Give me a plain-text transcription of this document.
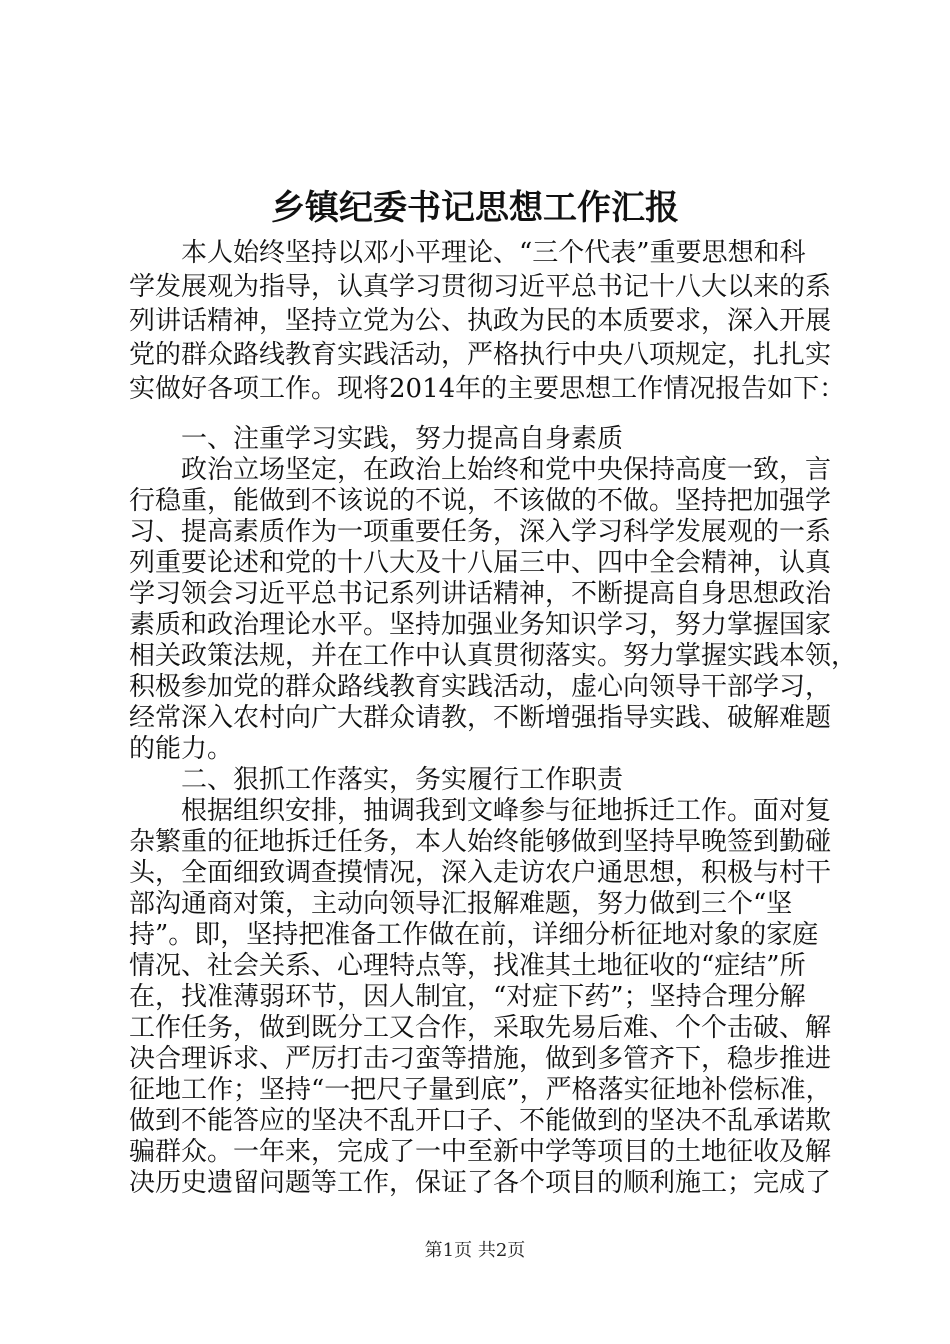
乡镇纪委书记思想工作汇报
　　本人始终坚持以邓小平理论、“三个代表”重要思想和科
学发展观为指导，认真学习贯彻习近平总书记十八大以来的系
列讲话精神，坚持立党为公、执政为民的本质要求，深入开展
党的群众路线教育实践活动，严格执行中央八项规定，扎扎实
实做好各项工作。现将2014年的主要思想工作情况报告如下：
　　一、注重学习实践，努力提高自身素质
　　政治立场坚定，在政治上始终和党中央保持高度一致，言
行稳重，能做到不该说的不说，不该做的不做。坚持把加强学
习、提高素质作为一项重要任务，深入学习科学发展观的一系
列重要论述和党的十八大及十八届三中、四中全会精神，认真
学习领会习近平总书记系列讲话精神，不断提高自身思想政治
素质和政治理论水平。坚持加强业务知识学习，努力掌握国家
相关政策法规，并在工作中认真贯彻落实。努力掌握实践本领，
积极参加党的群众路线教育实践活动，虚心向领导干部学习，
经常深入农村向广大群众请教，不断增强指导实践、破解难题
的能力。
　　二、狠抓工作落实，务实履行工作职责
　　根据组织安排，抽调我到文峰参与征地拆迁工作。面对复
杂繁重的征地拆迁任务，本人始终能够做到坚持早晚签到勤碰
头，全面细致调查摸情况，深入走访农户通思想，积极与村干
部沟通商对策，主动向领导汇报解难题，努力做到三个“坚
持”。即，坚持把准备工作做在前，详细分析征地对象的家庭
情况、社会关系、心理特点等，找准其土地征收的“症结”所
在，找准薄弱环节，因人制宜，“对症下药”；坚持合理分解
工作任务，做到既分工又合作，采取先易后难、个个击破、解
决合理诉求、严厉打击刁蛮等措施，做到多管齐下，稳步推进
征地工作；坚持“一把尺子量到底”，严格落实征地补偿标准，
做到不能答应的坚决不乱开口子、不能做到的坚决不乱承诺欺
骗群众。一年来，完成了一中至新中学等项目的土地征收及解
决历史遗留问题等工作，保证了各个项目的顺利施工；完成了
第1页 共2页
